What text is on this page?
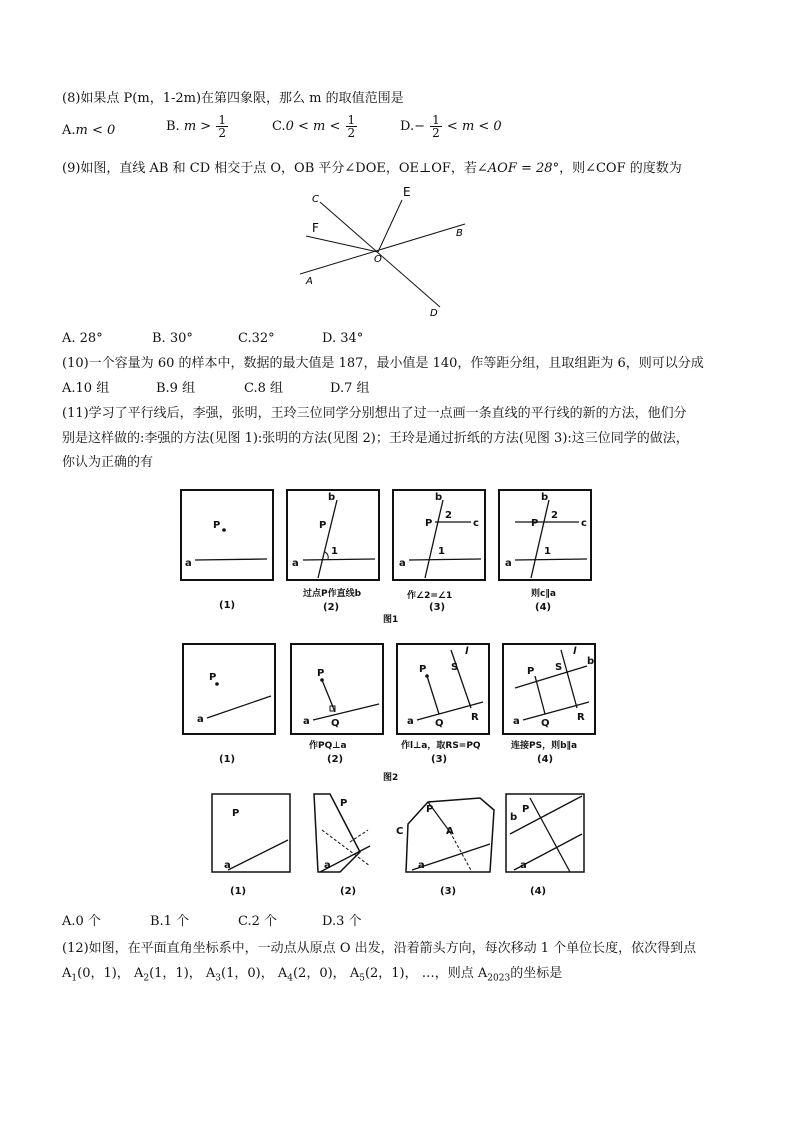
(8)如果点 P(m，1-2m)在第四象限，那么 m 的取值范围是
A.m < 0	B. $m > \frac{1}{2}$	$C.0 < m < \frac{1}{2}$	$D.- \frac{1}{2} < m < 0$
(9)如图，直线 AB 和 CD 相交于点 O，OB 平分∠DOE，OE⊥OF，若∠AOF = 28°，则∠COF 的度数为
C
E
F	B
O
A
D
A. 28°	B. 30°	C.32°	D. 34°
(10)一个容量为 60 的样本中，数据的最大值是 187，最小值是 140，作等距分组，且取组距为 6，则可以分成
A.10 组	B.9 组	C.8 组	D.7 组
(11)学习了平行线后，李强，张明，王玲三位同学分别想出了过一点画一条直线的平行线的新的方法，他们分
别是这样做的:李强的方法(见图 1):张明的方法(见图 2)；王玲是通过折纸的方法(见图 3):这三位同学的做法，
你认为正确的有
P
a
(1)
a
b
P
1
过点P作直线b
(2)
a
b
c
P
2
1
作∠2=∠1
(3)
a
b
c
P
2
1
则c∥a
(4)
图1
P
a
(1)
P
Q
a
作PQ⊥a
(2)
P S
l
Q
R
a
作l⊥a，取RS=PQ
(3)
P S
l
b
Q
R
a
连接PS，则b∥a
(4)
图2
P
a
(1)
P
a
(2)
P
C	A
a
(3)
b
P
a
(4)
A.0 个	B.1 个	C.2 个	D.3 个
(12)如图，在平面直角坐标系中，一动点从原点 O 出发，沿着箭头方向，每次移动 1 个单位长度，依次得到点
$A_1(0$，1)， $A_2(1$，1)， $A_3(1$，0)， $A_4(2$，0)， $A_5(2$，1)， …，则点 $A_{2023}$的坐标是
